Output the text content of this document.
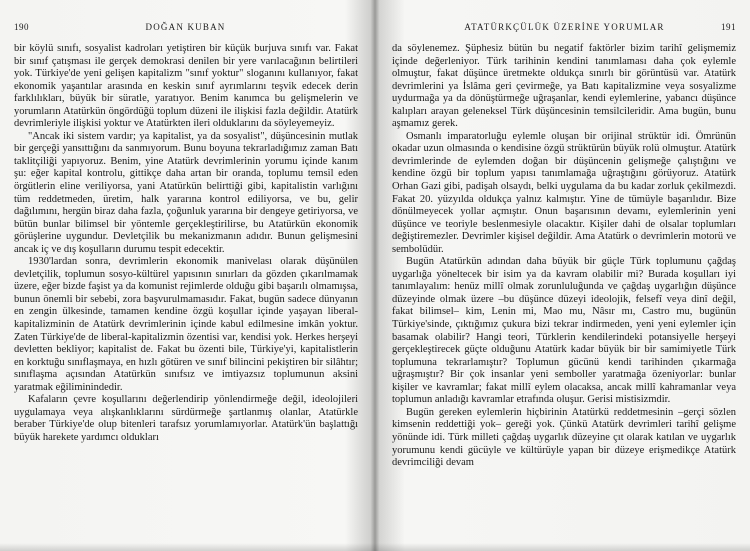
190	DOĞAN KUBAN

bir köylü sınıfı, sosyalist kadroları yetiştiren bir küçük burjuva sınıfı var. Fakat bir sınıf çatışması ile gerçek demokrasi denilen bir yere varılacağının belirtileri yok. Türkiye'de yeni gelişen kapitalizm "sınıf yoktur" sloganını kullanıyor, fakat ekonomik yaşantılar arasında en keskin sınıf ayrımlarını teşvik edecek derin farklılıkları, büyük bir süratle, yaratıyor. Benim kanımca bu gelişmelerin ve yorumların Atatürkün öngördüğü toplum düzeni ile ilişkisi fazla değildir. Atatürk devrimleriyle ilişkisi yoktur ve Atatürkten ileri olduklarını da söyleyemeyiz.

"Ancak iki sistem vardır; ya kapitalist, ya da sosyalist", düşüncesinin mutlak bir gerçeği yansıttığını da sanmıyorum. Bunu boyuna tekrarladığımız zaman Batı taklitçiliği yapıyoruz. Benim, yine Atatürk devrimlerinin yorumu içinde kanım şu: eğer kapital kontrolu, gittikçe daha artan bir oranda, toplumu temsil eden örgütlerin eline veriliyorsa, yani Atatürkün belirttiği gibi, kapitalistin varlığını tüm reddetmeden, üretim, halk yararına kontrol ediliyorsa, ve bu, gelir dağılımını, hergün biraz daha fazla, çoğunluk yararına bir dengeye getiriyorsa, ve bütün bunlar bilimsel bir yöntemle gerçekleştirilirse, bu Atatürkün ekonomik görüşlerine uygundur. Devletçilik bu mekanizmanın adıdır. Bunun gelişmesini ancak iç ve dış koşulların durumu tespit edecektir.

1930'lardan sonra, devrimlerin ekonomik manivelası olarak düşünülen devletçilik, toplumun sosyo-kültürel yapısının sınırları da gözden çıkarılmamak üzere, eğer bizde faşist ya da komunist rejimlerde olduğu gibi başarılı olmamışsa, bunun önemli bir sebebi, zora başvurulmamasıdır. Fakat, bugün sadece dünyanın en zengin ülkesinde, tamamen kendine özgü koşullar içinde yaşayan liberal-kapitalizminin de Atatürk devrimlerinin içinde kabul edilmesine imkân yoktur. Zaten Türkiye'de de liberal-kapitalizmin özentisi var, kendisi yok. Herkes herşeyi devletten bekliyor; kapitalist de. Fakat bu özenti bile, Türkiye'yi, kapitalistlerin en korktuğu sınıflaşmaya, en hızlı götüren ve sınıf bilincini pekiştiren bir silâhtır; sınıflaşma açısından Atatürkün sınıfsız ve imtiyazsız toplumunun aksini yaratmak eğiliminindedir.

Kafaların çevre koşullarını değerlendirip yönlendirmeğe değil, ideolojileri uygulamaya veya alışkanlıklarını sürdürmeğe şartlanmış olanlar, Atatürkle beraber Türkiye'de olup bitenleri tarafsız yorumlamıyorlar. Atatürk'ün başlattığı büyük harekete yardımcı oldukları

ATATÜRKÇÜLÜK ÜZERİNE YORUMLAR	191

da söylenemez. Şüphesiz bütün bu negatif faktörler bizim tarihî gelişmemiz içinde değerleniyor. Türk tarihinin kendini tanımlaması daha çok eylemle olmuştur, fakat düşünce üretmekte oldukça sınırlı bir görüntüsü var. Atatürk devrimlerini ya İslâma geri çevirmeğe, ya Batı kapitalizmine veya sosyalizme uydurmağa ya da dönüştürmeğe uğraşanlar, kendi eylemlerine, yabancı düşünce kalıpları arayan geleneksel Türk düşüncesinin temsilcileridir. Ama bugün, bunu aşmamız gerek.

Osmanlı imparatorluğu eylemle oluşan bir orijinal strüktür idi. Ömrünün okadar uzun olmasında o kendisine özgü strüktürün büyük rolü olmuştur. Atatürk devrimlerinde de eylemden doğan bir düşüncenin gelişmeğe çalıştığını ve kendine özgü bir toplum yapısı tanımlamağa uğraştığını görüyoruz. Atatürk Orhan Gazi gibi, padişah olsaydı, belki uygulama da bu kadar zorluk çekilmezdi. Fakat 20. yüzyılda oldukça yalnız kalmıştır. Yine de tümüyle başarılıdır. Bize dönülmeyecek yollar açmıştır. Onun başarısının devamı, eylemlerinin yeni düşünce ve teoriyle beslenmesiyle olacaktır. Kişiler dahi de olsalar toplumları değiştiremezler. Devrimler kişisel değildir. Ama Atatürk o devrimlerin motorü ve sembolüdür.

Bugün Atatürkün adından daha büyük bir güçle Türk toplumunu çağdaş uygarlığa yöneltecek bir isim ya da kavram olabilir mi? Burada koşulları iyi tanımlayalım: henüz millî olmak zorunluluğunda ve çağdaş uygarlığın düşünce düzeyinde olmak üzere –bu düşünce düzeyi ideolojik, felsefî veya dinî değil, fakat bilimsel– kim, Lenin mi, Mao mu, Nâsır mı, Castro mu, bugünün Türkiye'sinde, çıktığımız çukura bizi tekrar indirmeden, yeni yeni eylemler için basamak olabilir? Hangi teori, Türklerin kendilerindeki potansiyelle herşeyi gerçekleştirecek güçte olduğunu Atatürk kadar büyük bir bir samimiyetle Türk toplumuna tekrarlamıştır? Toplumun gücünü kendi tarihinden çıkarmağa uğraşmıştır? Bir çok insanlar yeni semboller yaratmağa özeniyorlar: bunlar kişiler ve kavramlar; fakat millî eylem olacaksa, ancak millî kahramanlar veya toplumun anladığı kavramlar etrafında oluşur. Gerisi mistisizmdir.

Bugün gereken eylemlerin hiçbirinin Atatürkü reddetmesinin –gerçi sözlen kimsenin reddettiği yok– gereği yok. Çünkü Atatürk devrimleri tarihî gelişme yönünde idi. Türk milleti çağdaş uygarlık düzeyine çıt olarak katılan ve uygarlık yorumunu kendi gücüyle ve kültürüyle yapan bir düzeye erişmedikçe Atatürk devrimciliği devam
